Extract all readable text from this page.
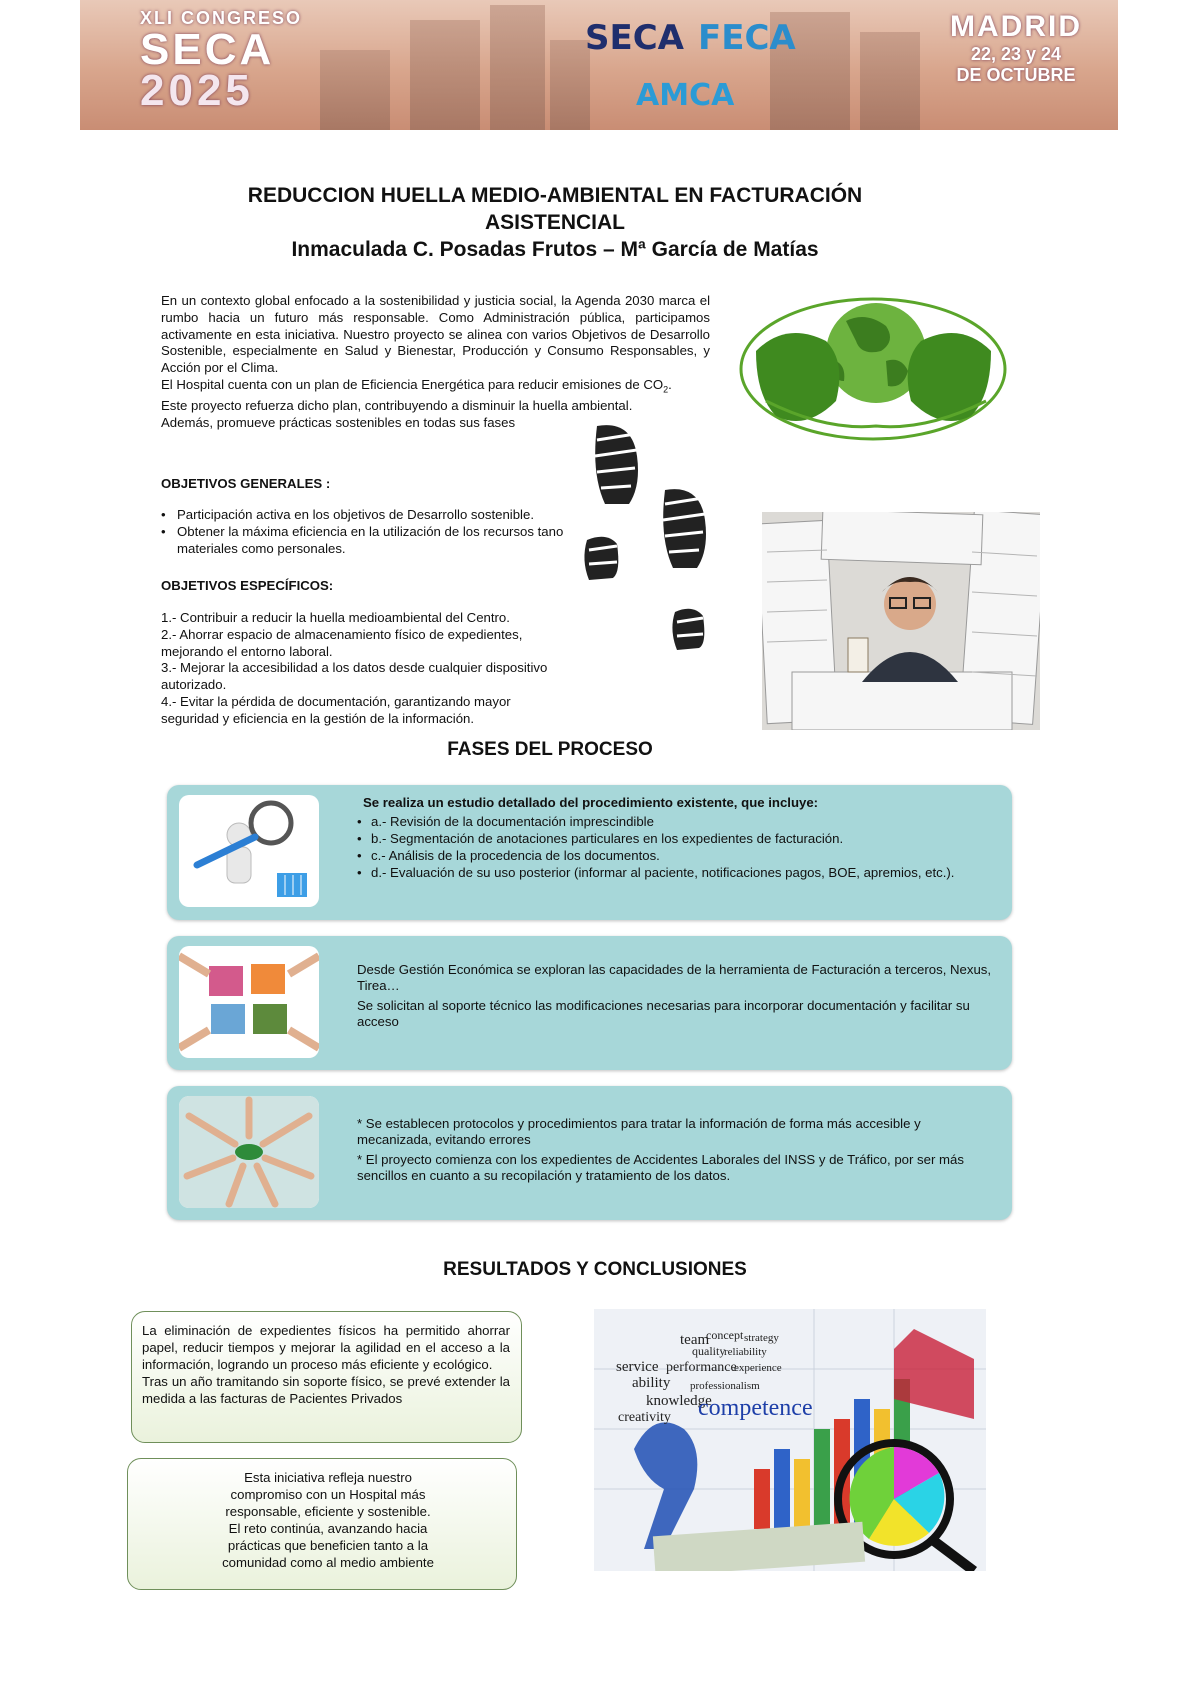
XLI CONGRESO
SECA
2025
SECA FECA
AMCA
MADRID
22, 23 y 24
DE OCTUBRE
REDUCCION HUELLA MEDIO-AMBIENTAL EN FACTURACIÓN
ASISTENCIAL
Inmaculada C. Posadas Frutos – Mª García de Matías
En un contexto global enfocado a la sostenibilidad y justicia social, la Agenda 2030 marca el rumbo hacia un futuro más responsable. Como Administración pública, participamos activamente en esta iniciativa. Nuestro proyecto se alinea con varios Objetivos de Desarrollo Sostenible, especialmente en Salud y Bienestar, Producción y Consumo Responsables, y Acción por el Clima.
El Hospital cuenta con un plan de Eficiencia Energética para reducir emisiones de $CO_2$.
Este proyecto refuerza dicho plan, contribuyendo a disminuir la huella ambiental.
Además, promueve prácticas sostenibles en todas sus fases
OBJETIVOS GENERALES :
• Participación activa en los objetivos de Desarrollo sostenible.
• Obtener la máxima eficiencia en la utilización de los recursos tano materiales como personales.
OBJETIVOS ESPECÍFICOS:
1.- Contribuir a reducir la huella medioambiental del Centro.
2.- Ahorrar espacio de almacenamiento físico de expedientes, mejorando el entorno laboral.
3.- Mejorar la accesibilidad a los datos desde cualquier dispositivo autorizado.
4.- Evitar la pérdida de documentación, garantizando mayor seguridad y eficiencia en la gestión de la información.
FASES DEL PROCESO
Se realiza un estudio detallado del procedimiento existente, que incluye:
• a.- Revisión de la documentación imprescindible
• b.- Segmentación de anotaciones particulares en los expedientes de facturación.
• c.- Análisis de la procedencia de los documentos.
• d.- Evaluación de su uso posterior (informar al paciente, notificaciones pagos, BOE, apremios, etc.).
Desde Gestión Económica se exploran las capacidades de la herramienta de Facturación a terceros, Nexus, Tirea…
Se solicitan al soporte técnico las modificaciones necesarias para incorporar documentación y facilitar su acceso
* Se establecen protocolos y procedimientos para tratar la información de forma más accesible y mecanizada, evitando errores
* El proyecto comienza con los expedientes de Accidentes Laborales del INSS y de Tráfico, por ser más sencillos en cuanto a su recopilación y tratamiento de los datos.
RESULTADOS Y CONCLUSIONES
La eliminación de expedientes físicos ha permitido ahorrar papel, reducir tiempos y mejorar la agilidad en el acceso a la información, logrando un proceso más eficiente y ecológico.
Tras un año tramitando sin soporte físico, se prevé extender la medida a las facturas de Pacientes Privados
Esta iniciativa refleja nuestro
compromiso con un Hospital más
responsable, eficiente y sostenible.
El reto continúa, avanzando hacia
prácticas que beneficien tanto a la
comunidad como al medio ambiente
team
concept strategy
quality
reliability
service performance
experience
ability professionalism
knowledge
creativity competence
